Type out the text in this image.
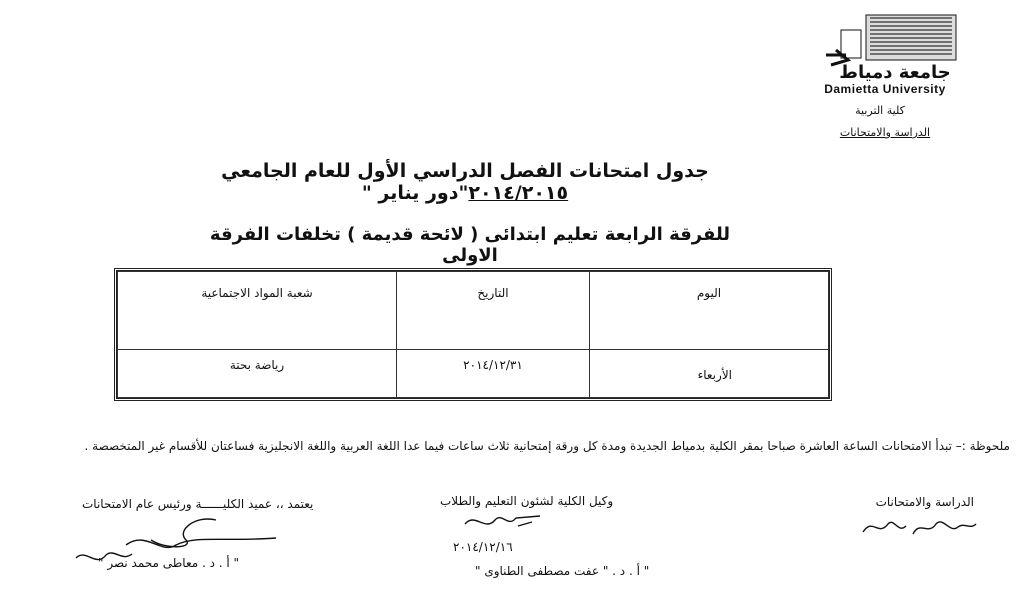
جامعة دمياط
Damietta University
كلية التربية
الدراسة والامتحانات
جدول امتحانات الفصل الدراسي الأول للعام الجامعي ٢٠١٤/٢٠١٥"دور يناير "
للفرقة الرابعة تعليم ابتدائى ( لائحة قديمة ) تخلفات الفرقة الاولى
اليوم	التاريخ	شعبة المواد الاجتماعية
الأربعاء	٢٠١٤/١٢/٣١	رياضة بحتة
ملحوظة :– تبدأ الامتحانات الساعة العاشرة صباحا بمقر الكلية بدمياط الجديدة ومدة كل ورقة إمتحانية ثلاث ساعات فيما عدا اللغة العربية واللغة الانجليزية فساعتان للأقسام غير المتخصصة .
الدراسة والامتحانات
وكيل الكلية لشئون التعليم والطلاب
٢٠١٤/١٢/١٦
" أ . د . " عفت مصطفى الطناوى "
يعتمد ،، عميد الكليــــــة ورئيس عام الامتحانات
" أ . د . معاطى محمد نصر "
